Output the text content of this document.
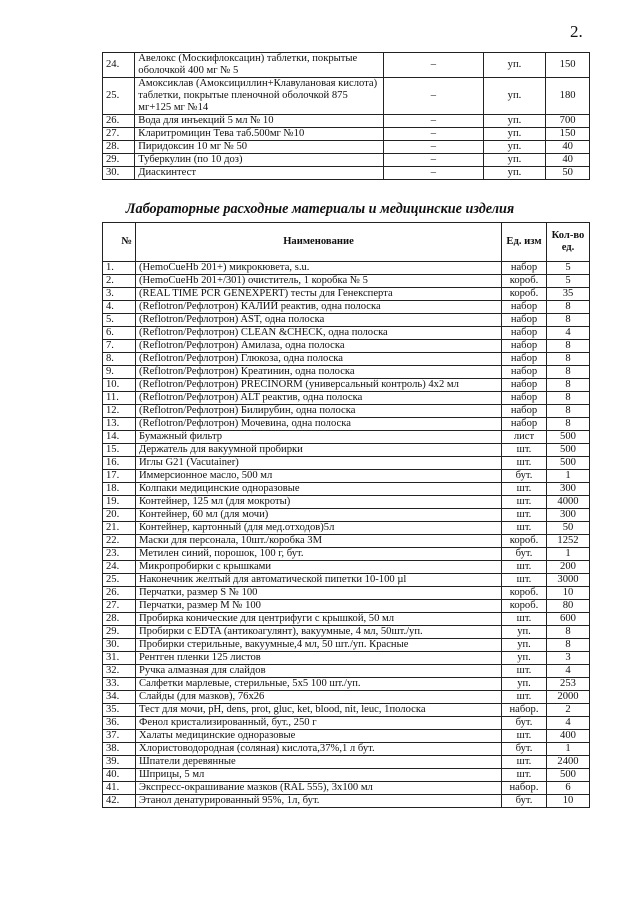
2.
24.	Авелокс (Москифлоксацин) таблетки, покрытые оболочкой 400 мг № 5	–	уп.	150
25.	Амоксиклав (Амоксициллин+Клавулановая кислота) таблетки, покрытые пленочной оболочкой 875 мг+125 мг №14	–	уп.	180
26.	Вода для инъекций 5 мл № 10	–	уп.	700
27.	Кларитромицин Тева таб.500мг №10	–	уп.	150
28.	Пиридоксин 10 мг № 50	–	уп.	40
29.	Туберкулин (по 10 доз)	–	уп.	40
30.	Диаскинтест	–	уп.	50
Лабораторные расходные материалы и медицинские изделия
№	Наименование	Ед. изм	Кол-во ед.
1.	(HemoCueHb 201+) микрокювета, s.u.	набор	5
2.	(HemoCueHb 201+/301) очиститель, 1 коробка № 5	короб.	5
3.	(REAL TIME PCR GENEXPERT) тесты для Генексперта	короб.	35
4.	(Reflotron/Рефлотрон) КАЛИЙ реактив, одна полоска	набор	8
5.	(Reflotron/Рефлотрон) AST, одна полоска	набор	8
6.	(Reflotron/Рефлотрон) CLEAN &CHECK, одна полоска	набор	4
7.	(Reflotron/Рефлотрон) Амилаза, одна полоска	набор	8
8.	(Reflotron/Рефлотрон) Глюкоза, одна полоска	набор	8
9.	(Reflotron/Рефлотрон) Креатинин, одна полоска	набор	8
10.	(Reflotron/Рефлотрон) PRECINORM (универсальный контроль) 4х2 мл	набор	8
11.	(Reflotron/Рефлотрон) ALT реактив, одна полоска	набор	8
12.	(Reflotron/Рефлотрон) Билирубин, одна полоска	набор	8
13.	(Reflotron/Рефлотрон) Мочевина, одна полоска	набор	8
14.	Бумажный фильтр	лист	500
15.	Держатель для вакуумной пробирки	шт.	500
16.	Иглы G21 (Vacutainer)	шт.	500
17.	Иммерсионное масло, 500 мл	бут.	1
18.	Колпаки медицинские одноразовые	шт.	300
19.	Контейнер, 125 мл (для мокроты)	шт.	4000
20.	Контейнер, 60 мл (для мочи)	шт.	300
21.	Контейнер, картонный (для мед.отходов)5л	шт.	50
22.	Маски для персонала, 10шт./коробка 3М	короб.	1252
23.	Метилен синий, порошок, 100 г, бут.	бут.	1
24.	Микропробирки с крышками	шт.	200
25.	Наконечник желтый для автоматической пипетки 10-100 µl	шт.	3000
26.	Перчатки, размер S № 100	короб.	10
27.	Перчатки, размер M № 100	короб.	80
28.	Пробирка конические для центрифуги с крышкой, 50 мл	шт.	600
29.	Пробирки с EDTA (антикоагулянт), вакуумные, 4 мл, 50шт./уп.	уп.	8
30.	Пробирки стерильные, вакуумные,4 мл, 50 шт./уп. Красные	уп.	8
31.	Рентген пленки 125 листов	уп.	3
32.	Ручка алмазная для слайдов	шт.	4
33.	Салфетки марлевые, стерильные, 5х5 100 шт./уп.	уп.	253
34.	Слайды (для мазков), 76х26	шт.	2000
35.	Тест для мочи, pH, dens, prot, gluc, ket, blood, nit, leuc, 1полоска	набор.	2
36.	Фенол кристализированный, бут., 250 г	бут.	4
37.	Халаты медицинские одноразовые	шт.	400
38.	Хлористоводородная (соляная) кислота,37%,1 л бут.	бут.	1
39.	Шпатели деревянные	шт.	2400
40.	Шприцы, 5 мл	шт.	500
41.	Экспресс-окрашивание мазков (RAL 555), 3х100 мл	набор.	6
42.	Этанол денатурированный 95%, 1л, бут.	бут.	10
